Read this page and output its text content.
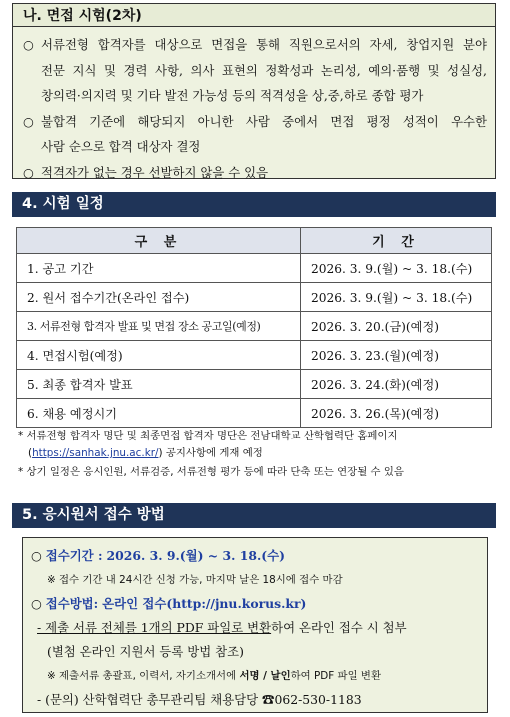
나. 면접 시험(2차)
○ 서류전형 합격자를 대상으로 면접을 통해 직원으로서의 자세, 창업지원 분야
전문 지식 및 경력 사항, 의사 표현의 정확성과 논리성, 예의·품행 및 성실성,
창의력·의지력 및 기타 발전 가능성 등의 적격성을 상,중,하로 종합 평가
○ 불합격 기준에 해당되지 아니한 사람 중에서 면접 평정 성적이 우수한
사람 순으로 합격 대상자 결정
○ 적격자가 없는 경우 선발하지 않을 수 있음
4. 시험 일정
구 분	기 간
1. 공고 기간	2026. 3. 9.(월) ~ 3. 18.(수)
2. 원서 접수기간(온라인 접수)	2026. 3. 9.(월) ~ 3. 18.(수)
3. 서류전형 합격자 발표 및 면접 장소 공고일(예정)	2026. 3. 20.(금)(예정)
4. 면접시험(예정)	2026. 3. 23.(월)(예정)
5. 최종 합격자 발표	2026. 3. 24.(화)(예정)
6. 채용 예정시기	2026. 3. 26.(목)(예정)
* 서류전형 합격자 명단 및 최종면접 합격자 명단은 전남대학교 산학협력단 홈페이지
(https://sanhak.jnu.ac.kr/) 공지사항에 게재 예정
* 상기 일정은 응시인원, 서류검증, 서류전형 평가 등에 따라 단축 또는 연장될 수 있음
5. 응시원서 접수 방법
○ 접수기간 : 2026. 3. 9.(월) ~ 3. 18.(수)
※ 접수 기간 내 24시간 신청 가능, 마지막 날은 18시에 접수 마감
○ 접수방법: 온라인 접수(http://jnu.korus.kr)
- 제출 서류 전체를 1개의 PDF 파일로 변환하여 온라인 접수 시 첨부
(별첨 온라인 지원서 등록 방법 참조)
※ 제출서류 총괄표, 이력서, 자기소개서에 서명 / 날인하여 PDF 파일 변환
- (문의) 산학협력단 총무관리팀 채용담당 ☎062-530-1183
